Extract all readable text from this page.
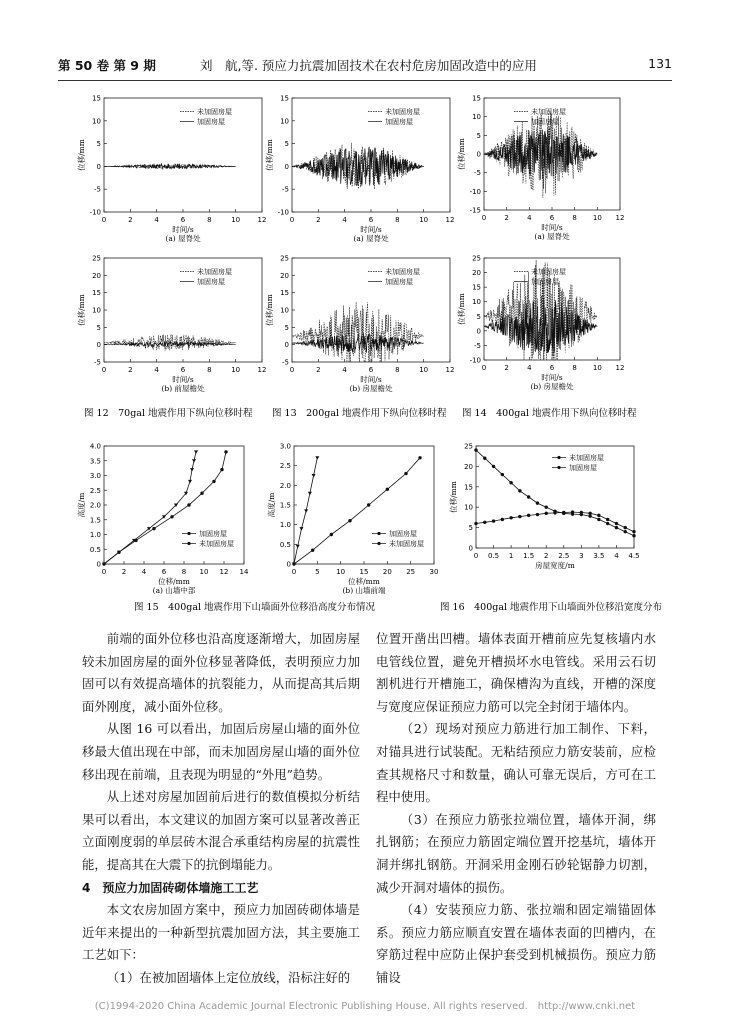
第 50 卷 第 9 期	刘　航,等. 预应力抗震加固技术在农村危房加固改造中的应用	131
0	2	4	6	8	10 12
-10
-5
0
5
10
15
时间/s
位移/mm
(a) 屋脊处
未加固房屋
加固房屋
0	2	4	6	8	10 12
-10
-5
0
5
10
15
时间/s
位移/mm
(a) 屋脊处
未加固房屋
加固房屋
0	2	4	6	8 10 12
-15
-10
-5
0
5
10
15
时间/s
位移/mm
(a) 屋脊处
未加固房屋
加固房屋
0	2	4	6	8	10 12
-5
0
5
10
15
20
25
时间/s
位移/mm
(b) 前屋檐处
未加固房屋
加固房屋
0	2	4	6	8	10 12
-5
0
5
10
15
20
25
时间/s
位移/mm
(b) 房屋檐处
未加固房屋
加固房屋
0	2	4	6	8 10 12
-10
-5
0
5
10
15
20
25
时间/s
位移/mm
(b) 房屋檐处
未加固房屋
加固房屋
0 2 4 6 8 10 12 14
0
0.5
1.0
1.5
2.0
2.5
3.0
3.5
4.0
位移/mm
高度/m
(a) 山墙中部
加固房屋
未加固房屋
0	5 10 15 20 25 30
0
0.5
1.0
1.5
2.0
2.5
3.0
位移/mm
高度/m
(b) 山墙前端
加固房屋
未加固房屋
0 0.5 1 1.5 2 2.5 3 3.5 4 4.5
0
5
10
15
20
25
房屋宽度/m
位移/mm
未加固房屋
加固房屋
图 12　70gal 地震作用下纵向位移时程 图 13　200gal 地震作用下纵向位移时程 图 14　400gal 地震作用下纵向位移时程
图 15　400gal 地震作用下山墙面外位移沿高度分布情况	图 16　400gal 地震作用下山墙面外位移沿宽度分布

前端的面外位移也沿高度逐渐增大，加固房屋较未加固房屋的面外位移显著降低，表明预应力加固可以有效提高墙体的抗裂能力，从而提高其后期面外刚度，减小面外位移。

从图 16 可以看出，加固后房屋山墙的面外位移最大值出现在中部，而未加固房屋山墙的面外位移出现在前端，且表现为明显的“外甩”趋势。

从上述对房屋加固前后进行的数值模拟分析结果可以看出，本文建议的加固方案可以显著改善正立面刚度弱的单层砖木混合承重结构房屋的抗震性能，提高其在大震下的抗倒塌能力。

4　预应力加固砖砌体墙施工工艺

本文农房加固方案中，预应力加固砖砌体墙是近年来提出的一种新型抗震加固方法，其主要施工工艺如下：

（1）在被加固墙体上定位放线，沿标注好的

位置开凿出凹槽。墙体表面开槽前应先复核墙内水电管线位置，避免开槽损坏水电管线。采用云石切割机进行开槽施工，确保槽沟为直线，开槽的深度与宽度应保证预应力筋可以完全封闭于墙体内。

（2）现场对预应力筋进行加工制作、下料，对锚具进行试装配。无粘结预应力筋安装前，应检查其规格尺寸和数量，确认可靠无误后，方可在工程中使用。

（3）在预应力筋张拉端位置，墙体开洞，绑扎钢筋；在预应力筋固定端位置开挖基坑，墙体开洞并绑扎钢筋。开洞采用金刚石砂轮锯静力切割，减少开洞对墙体的损伤。

（4）安装预应力筋、张拉端和固定端锚固体系。预应力筋应顺直安置在墙体表面的凹槽内，在穿筋过程中应防止保护套受到机械损伤。预应力筋铺设

(C)1994-2020 China Academic Journal Electronic Publishing House. All rights reserved.　http://www.cnki.net
